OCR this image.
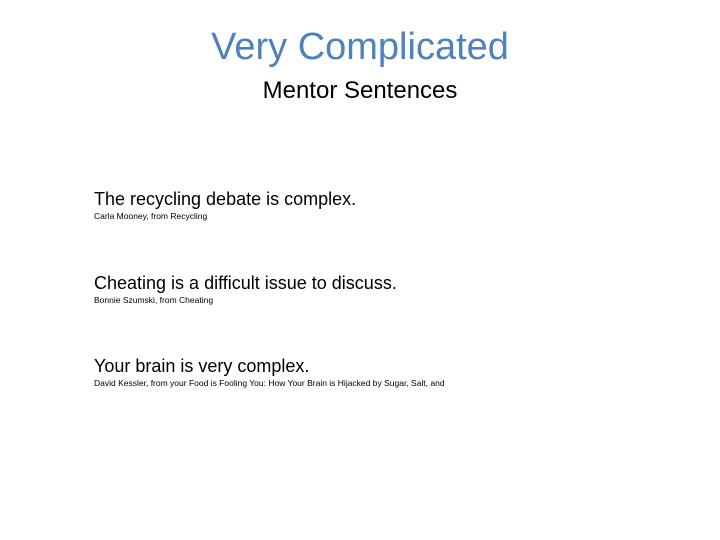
Very Complicated
Mentor Sentences
The recycling debate is complex.
Carla Mooney, from Recycling
Cheating is a difficult issue to discuss.
Bonnie Szumski, from Cheating
Your brain is very complex.
David Kessler, from your Food is Fooling You: How Your Brain is Hijacked by Sugar, Salt, and
